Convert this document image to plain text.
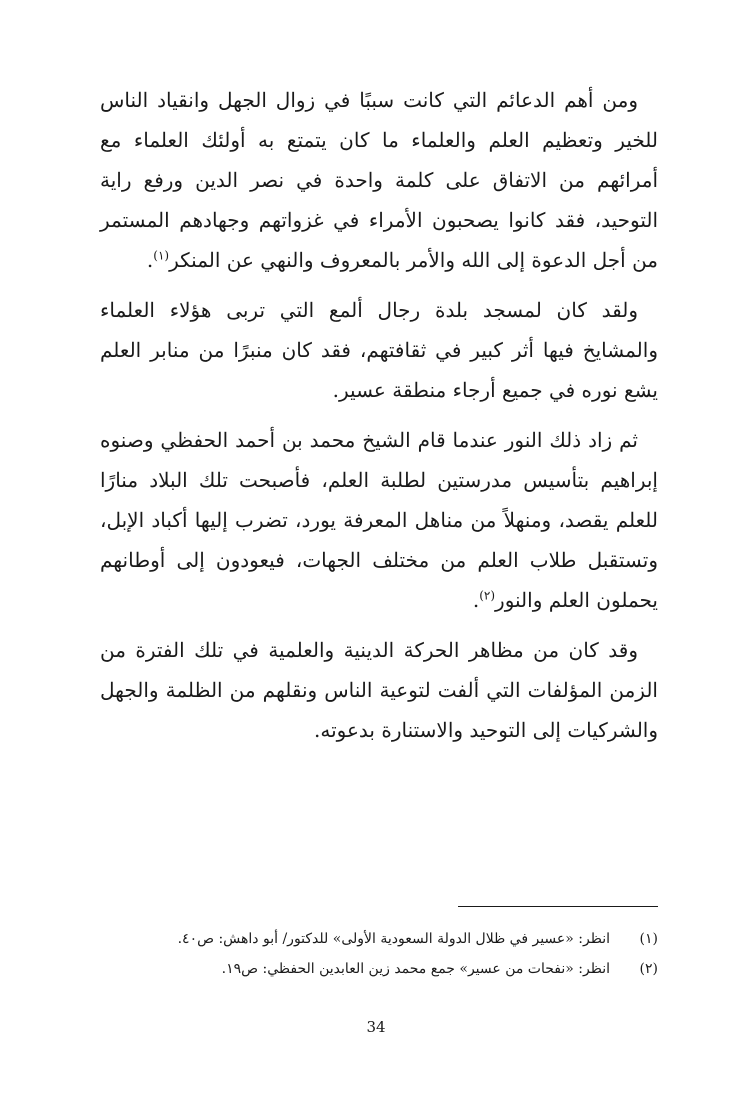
ومن أهم الدعائم التي كانت سببًا في زوال الجهل وانقياد الناس للخير وتعظيم العلم والعلماء ما كان يتمتع به أولئك العلماء مع أمرائهم من الاتفاق على كلمة واحدة في نصر الدين ورفع راية التوحيد، فقد كانوا يصحبون الأمراء في غزواتهم وجهادهم المستمر من أجل الدعوة إلى الله والأمر بالمعروف والنهي عن المنكر$^{(١)}$.

ولقد كان لمسجد بلدة رجال ألمع التي تربى هؤلاء العلماء والمشايخ فيها أثر كبير في ثقافتهم، فقد كان منبرًا من منابر العلم يشع نوره في جميع أرجاء منطقة عسير.

ثم زاد ذلك النور عندما قام الشيخ محمد بن أحمد الحفظي وصنوه إبراهيم بتأسيس مدرستين لطلبة العلم، فأصبحت تلك البلاد منارًا للعلم يقصد، ومنهلاً من مناهل المعرفة يورد، تضرب إليها أكباد الإبل، وتستقبل طلاب العلم من مختلف الجهات، فيعودون إلى أوطانهم يحملون العلم والنور$^{(٢)}$.

وقد كان من مظاهر الحركة الدينية والعلمية في تلك الفترة من الزمن المؤلفات التي ألفت لتوعية الناس ونقلهم من الظلمة والجهل والشركيات إلى التوحيد والاستنارة بدعوته.

(١)
انظر: «عسير في ظلال الدولة السعودية الأولى» للدكتور/ أبو داهش: ص٤٠.
(٢)
انظر: «نفحات من عسير» جمع محمد زين العابدين الحفظي: ص١٩.
34
